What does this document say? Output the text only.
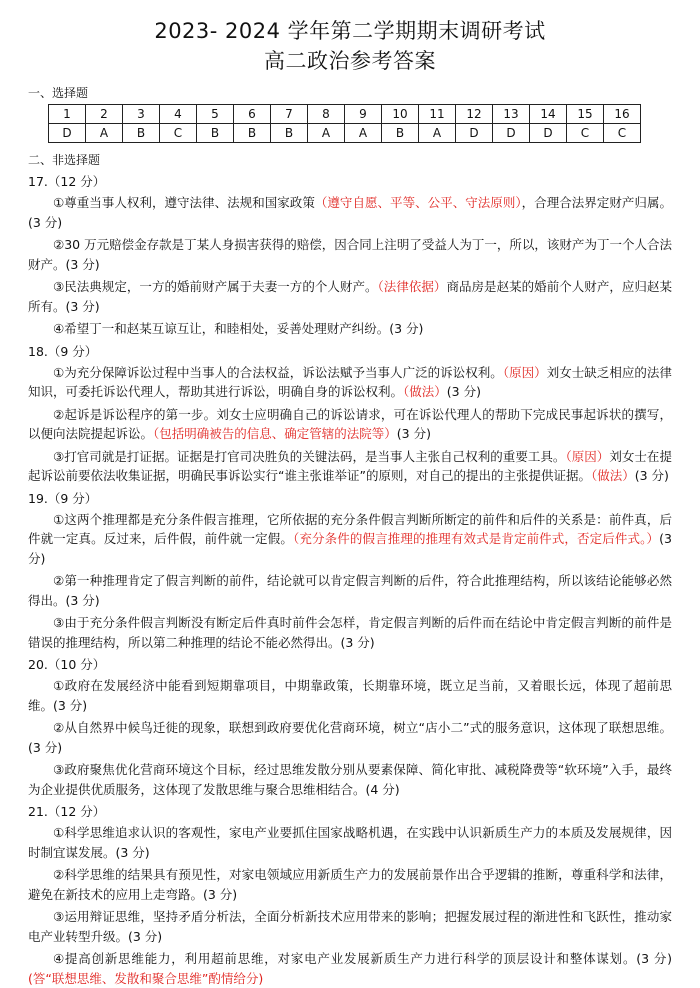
2023- 2024 学年第二学期期末调研考试
高二政治参考答案
一、选择题
1	2	3	4	5	6	7	8	9	10	11	12	13	14	15	16
D	A	B	C	B	B	B	A	A	B	A	D	D	D	C	C
二、非选择题
17.（12 分）
①尊重当事人权利，遵守法律、法规和国家政策（遵守自愿、平等、公平、守法原则），合理合法界定财产归属。(3 分)
②30 万元赔偿金存款是丁某人身损害获得的赔偿，因合同上注明了受益人为丁一，所以，该财产为丁一个人合法财产。(3 分)
③民法典规定，一方的婚前财产属于夫妻一方的个人财产。（法律依据）商品房是赵某的婚前个人财产，应归赵某所有。(3 分)
④希望丁一和赵某互谅互让，和睦相处，妥善处理财产纠纷。(3 分)
18.（9 分）
①为充分保障诉讼过程中当事人的合法权益，诉讼法赋予当事人广泛的诉讼权利。（原因）刘女士缺乏相应的法律知识，可委托诉讼代理人，帮助其进行诉讼，明确自身的诉讼权利。（做法）(3 分)
②起诉是诉讼程序的第一步。刘女士应明确自己的诉讼请求，可在诉讼代理人的帮助下完成民事起诉状的撰写，以便向法院提起诉讼。（包括明确被告的信息、确定管辖的法院等）(3 分)
③打官司就是打证据。证据是打官司决胜负的关键法码，是当事人主张自己权利的重要工具。（原因）刘女士在提起诉讼前要依法收集证据，明确民事诉讼实行“谁主张谁举证”的原则，对自己的提出的主张提供证据。（做法）(3 分)
19.（9 分）
①这两个推理都是充分条件假言推理，它所依据的充分条件假言判断所断定的前件和后件的关系是：前件真，后件就一定真。反过来，后件假，前件就一定假。（充分条件的假言推理的推理有效式是肯定前件式，否定后件式。）(3 分)
②第一种推理肯定了假言判断的前件，结论就可以肯定假言判断的后件，符合此推理结构，所以该结论能够必然得出。(3 分)
③由于充分条件假言判断没有断定后件真时前件会怎样，肯定假言判断的后件而在结论中肯定假言判断的前件是错误的推理结构，所以第二种推理的结论不能必然得出。(3 分)
20.（10 分）
①政府在发展经济中能看到短期靠项目，中期靠政策，长期靠环境，既立足当前，又着眼长远，体现了超前思维。(3 分)
②从自然界中候鸟迁徙的现象，联想到政府要优化营商环境，树立“店小二”式的服务意识，这体现了联想思维。(3 分)
③政府聚焦优化营商环境这个目标，经过思维发散分别从要素保障、简化审批、减税降费等“软环境”入手，最终为企业提供优质服务，这体现了发散思维与聚合思维相结合。(4 分)
21.（12 分）
①科学思维追求认识的客观性，家电产业要抓住国家战略机遇，在实践中认识新质生产力的本质及发展规律，因时制宜谋发展。(3 分)
②科学思维的结果具有预见性，对家电领域应用新质生产力的发展前景作出合乎逻辑的推断，尊重科学和法律，避免在新技术的应用上走弯路。(3 分)
③运用辩证思维，坚持矛盾分析法，全面分析新技术应用带来的影响；把握发展过程的渐进性和飞跃性，推动家电产业转型升级。(3 分)
④提高创新思维能力，利用超前思维，对家电产业发展新质生产力进行科学的顶层设计和整体谋划。(3 分)(答“联想思维、发散和聚合思维”酌情给分)
